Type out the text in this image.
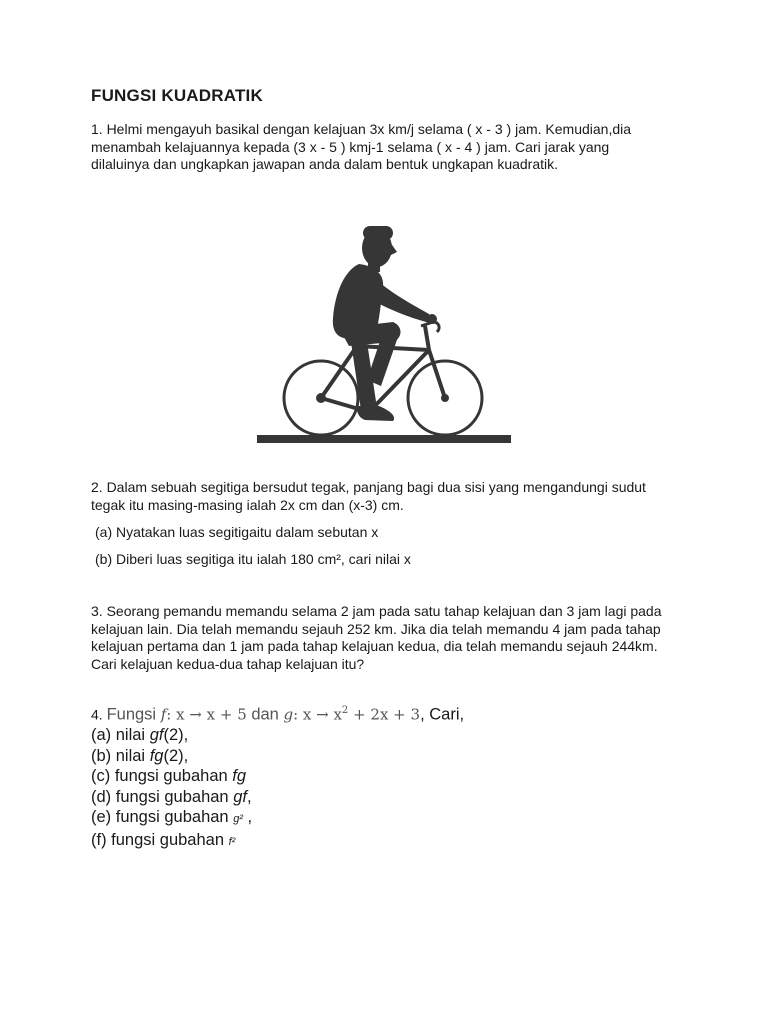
FUNGSI KUADRATIK
1. Helmi mengayuh basikal dengan kelajuan 3x km/j selama ( x - 3 ) jam. Kemudian,dia
menambah kelajuannya kepada (3 x - 5 ) kmj-1 selama ( x - 4 ) jam. Cari jarak yang
dilaluinya dan ungkapkan jawapan anda dalam bentuk ungkapan kuadratik.
2. Dalam sebuah segitiga bersudut tegak, panjang bagi dua sisi yang mengandungi sudut
tegak itu masing-masing ialah 2x cm dan (x-3) cm.
(a) Nyatakan luas segitigaitu dalam sebutan x
(b) Diberi luas segitiga itu ialah 180 cm², cari nilai x
3. Seorang pemandu memandu selama 2 jam pada satu tahap kelajuan dan 3 jam lagi pada
kelajuan lain. Dia telah memandu sejauh 252 km. Jika dia telah memandu 4 jam pada tahap
kelajuan pertama dan 1 jam pada tahap kelajuan kedua, dia telah memandu sejauh 244km.
Cari kelajuan kedua-dua tahap kelajuan itu?
4. Fungsi f: x → x + 5 dan g: $x \to x^2 + 2x + 3$, Cari,
(a) nilai gf(2),
(b) nilai fg(2),
(c) fungsi gubahan fg
(d) fungsi gubahan gf,
(e) fungsi gubahan g² ,
(f) fungsi gubahan f²
